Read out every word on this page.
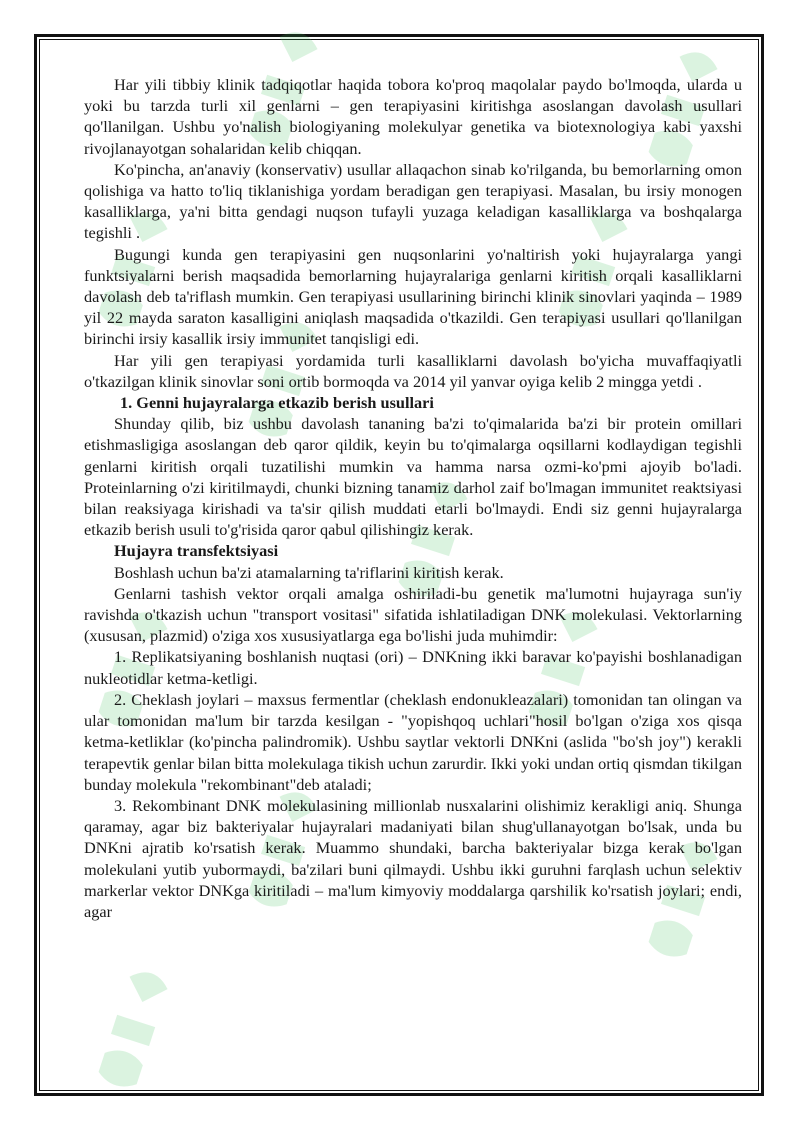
Har yili tibbiy klinik tadqiqotlar haqida tobora ko'proq maqolalar paydo bo'lmoqda, ularda u yoki bu tarzda turli xil genlarni – gen terapiyasini kiritishga asoslangan davolash usullari qo'llanilgan. Ushbu yo'nalish biologiyaning molekulyar genetika va biotexnologiya kabi yaxshi rivojlanayotgan sohalaridan kelib chiqqan.

Ko'pincha, an'anaviy (konservativ) usullar allaqachon sinab ko'rilganda, bu bemorlarning omon qolishiga va hatto to'liq tiklanishiga yordam beradigan gen terapiyasi. Masalan, bu irsiy monogen kasalliklarga, ya'ni bitta gendagi nuqson tufayli yuzaga keladigan kasalliklarga va boshqalarga tegishli .

Bugungi kunda gen terapiyasini gen nuqsonlarini yo'naltirish yoki hujayralarga yangi funktsiyalarni berish maqsadida bemorlarning hujayralariga genlarni kiritish orqali kasalliklarni davolash deb ta'riflash mumkin. Gen terapiyasi usullarining birinchi klinik sinovlari yaqinda – 1989 yil 22 mayda saraton kasalligini aniqlash maqsadida o'tkazildi. Gen terapiyasi usullari qo'llanilgan birinchi irsiy kasallik irsiy immunitet tanqisligi edi.

Har yili gen terapiyasi yordamida turli kasalliklarni davolash bo'yicha muvaffaqiyatli o'tkazilgan klinik sinovlar soni ortib bormoqda va 2014 yil yanvar oyiga kelib 2 mingga yetdi .

1. Genni hujayralarga etkazib berish usullari

Shunday qilib, biz ushbu davolash tananing ba'zi to'qimalarida ba'zi bir protein omillari etishmasligiga asoslangan deb qaror qildik, keyin bu to'qimalarga oqsillarni kodlaydigan tegishli genlarni kiritish orqali tuzatilishi mumkin va hamma narsa ozmi-ko'pmi ajoyib bo'ladi. Proteinlarning o'zi kiritilmaydi, chunki bizning tanamiz darhol zaif bo'lmagan immunitet reaktsiyasi bilan reaksiyaga kirishadi va ta'sir qilish muddati etarli bo'lmaydi. Endi siz genni hujayralarga etkazib berish usuli to'g'risida qaror qabul qilishingiz kerak.

Hujayra transfektsiyasi

Boshlash uchun ba'zi atamalarning ta'riflarini kiritish kerak.

Genlarni tashish vektor orqali amalga oshiriladi-bu genetik ma'lumotni hujayraga sun'iy ravishda o'tkazish uchun "transport vositasi" sifatida ishlatiladigan DNK molekulasi. Vektorlarning (xususan, plazmid) o'ziga xos xususiyatlarga ega bo'lishi juda muhimdir:

1. Replikatsiyaning boshlanish nuqtasi (ori) – DNKning ikki baravar ko'payishi boshlanadigan nukleotidlar ketma-ketligi.

2. Cheklash joylari – maxsus fermentlar (cheklash endonukleazalari) tomonidan tan olingan va ular tomonidan ma'lum bir tarzda kesilgan - "yopishqoq uchlari"hosil bo'lgan o'ziga xos qisqa ketma-ketliklar (ko'pincha palindromik). Ushbu saytlar vektorli DNKni (aslida "bo'sh joy") kerakli terapevtik genlar bilan bitta molekulaga tikish uchun zarurdir. Ikki yoki undan ortiq qismdan tikilgan bunday molekula "rekombinant"deb ataladi;

3. Rekombinant DNK molekulasining millionlab nusxalarini olishimiz kerakligi aniq. Shunga qaramay, agar biz bakteriyalar hujayralari madaniyati bilan shug'ullanayotgan bo'lsak, unda bu DNKni ajratib ko'rsatish kerak. Muammo shundaki, barcha bakteriyalar bizga kerak bo'lgan molekulani yutib yubormaydi, ba'zilari buni qilmaydi. Ushbu ikki guruhni farqlash uchun selektiv markerlar vektor DNKga kiritiladi – ma'lum kimyoviy moddalarga qarshilik ko'rsatish joylari; endi, agar
